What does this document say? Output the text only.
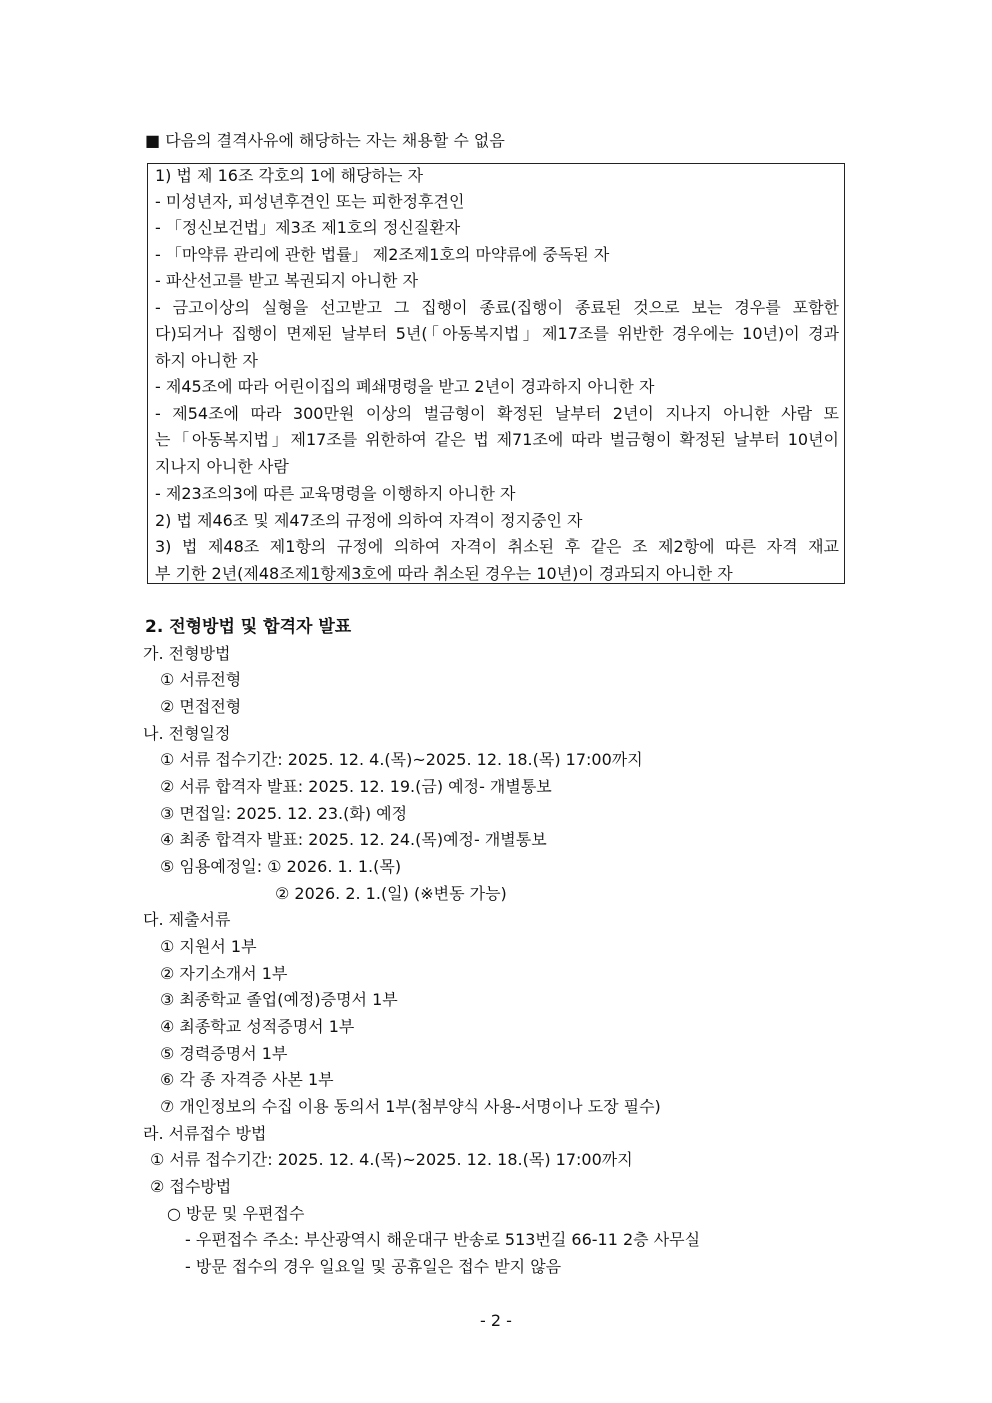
■ 다음의 결격사유에 해당하는 자는 채용할 수 없음
1) 법 제 16조 각호의 1에 해당하는 자
- 미성년자, 피성년후견인 또는 피한정후견인
- 「정신보건법」제3조 제1호의 정신질환자
- 「마약류 관리에 관한 법률」 제2조제1호의 마약류에 중독된 자
- 파산선고를 받고 복권되지 아니한 자
- 금고이상의 실형을 선고받고 그 집행이 종료(집행이 종료된 것으로 보는 경우를 포함한
다)되거나 집행이 면제된 날부터 5년(「아동복지법」제17조를 위반한 경우에는 10년)이 경과
하지 아니한 자
- 제45조에 따라 어린이집의 폐쇄명령을 받고 2년이 경과하지 아니한 자
- 제54조에 따라 300만원 이상의 벌금형이 확정된 날부터 2년이 지나지 아니한 사람 또
는「아동복지법」제17조를 위한하여 같은 법 제71조에 따라 벌금형이 확정된 날부터 10년이
지나지 아니한 사람
- 제23조의3에 따른 교육명령을 이행하지 아니한 자
2) 법 제46조 및 제47조의 규정에 의하여 자격이 정지중인 자
3) 법 제48조 제1항의 규정에 의하여 자격이 취소된 후 같은 조 제2항에 따른 자격 재교
부 기한 2년(제48조제1항제3호에 따라 취소된 경우는 10년)이 경과되지 아니한 자
2. 전형방법 및 합격자 발표
가. 전형방법
① 서류전형
② 면접전형
나. 전형일정
① 서류 접수기간: 2025. 12. 4.(목)~2025. 12. 18.(목) 17:00까지
② 서류 합격자 발표: 2025. 12. 19.(금) 예정- 개별통보
③ 면접일: 2025. 12. 23.(화) 예정
④ 최종 합격자 발표: 2025. 12. 24.(목)예정- 개별통보
⑤ 임용예정일: ① 2026. 1. 1.(목)
② 2026. 2. 1.(일) (※변동 가능)
다. 제출서류
① 지원서 1부
② 자기소개서 1부
③ 최종학교 졸업(예정)증명서 1부
④ 최종학교 성적증명서 1부
⑤ 경력증명서 1부
⑥ 각 종 자격증 사본 1부
⑦ 개인정보의 수집 이용 동의서 1부(첨부양식 사용-서명이나 도장 필수)
라. 서류접수 방법
① 서류 접수기간: 2025. 12. 4.(목)~2025. 12. 18.(목) 17:00까지
② 접수방법
○ 방문 및 우편접수
- 우편접수 주소: 부산광역시 해운대구 반송로 513번길 66-11 2층 사무실
- 방문 접수의 경우 일요일 및 공휴일은 접수 받지 않음
- 2 -
